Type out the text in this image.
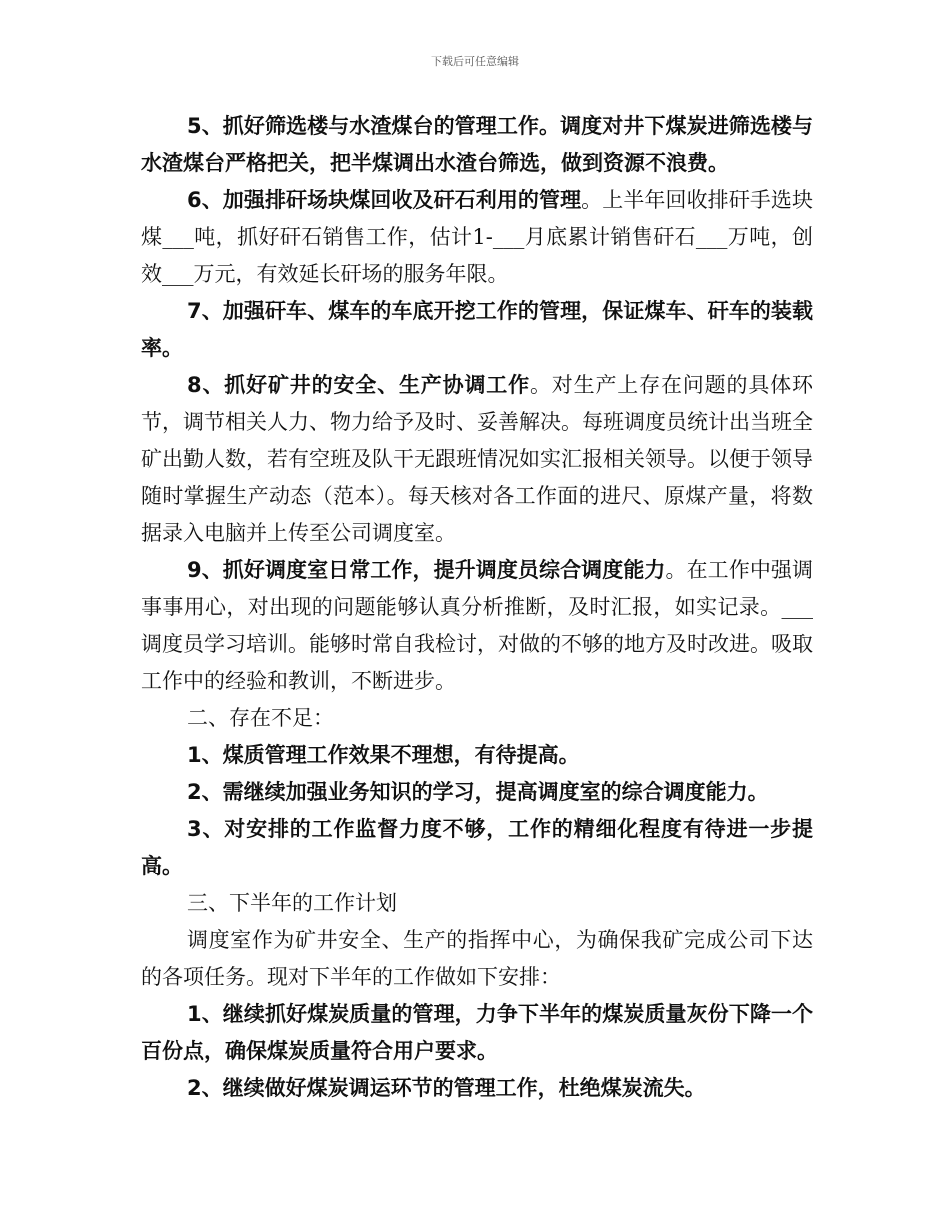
下载后可任意编辑

5、抓好筛选楼与水渣煤台的管理工作。调度对井下煤炭进筛选楼与水渣煤台严格把关，把半煤调出水渣台筛选，做到资源不浪费。

6、加强排矸场块煤回收及矸石利用的管理。上半年回收排矸手选块煤___吨，抓好矸石销售工作，估计1-___月底累计销售矸石___万吨，创效___万元，有效延长矸场的服务年限。

7、加强矸车、煤车的车底开挖工作的管理，保证煤车、矸车的装载率。

8、抓好矿井的安全、生产协调工作。对生产上存在问题的具体环节，调节相关人力、物力给予及时、妥善解决。每班调度员统计出当班全矿出勤人数，若有空班及队干无跟班情况如实汇报相关领导。以便于领导随时掌握生产动态（范本）。每天核对各工作面的进尺、原煤产量，将数据录入电脑并上传至公司调度室。

9、抓好调度室日常工作，提升调度员综合调度能力。在工作中强调事事用心，对出现的问题能够认真分析推断，及时汇报，如实记录。___调度员学习培训。能够时常自我检讨，对做的不够的地方及时改进。吸取工作中的经验和教训，不断进步。

二、存在不足：

1、煤质管理工作效果不理想，有待提高。

2、需继续加强业务知识的学习，提高调度室的综合调度能力。

3、对安排的工作监督力度不够，工作的精细化程度有待进一步提高。

三、下半年的工作计划

调度室作为矿井安全、生产的指挥中心，为确保我矿完成公司下达的各项任务。现对下半年的工作做如下安排：

1、继续抓好煤炭质量的管理，力争下半年的煤炭质量灰份下降一个百份点，确保煤炭质量符合用户要求。

2、继续做好煤炭调运环节的管理工作，杜绝煤炭流失。
